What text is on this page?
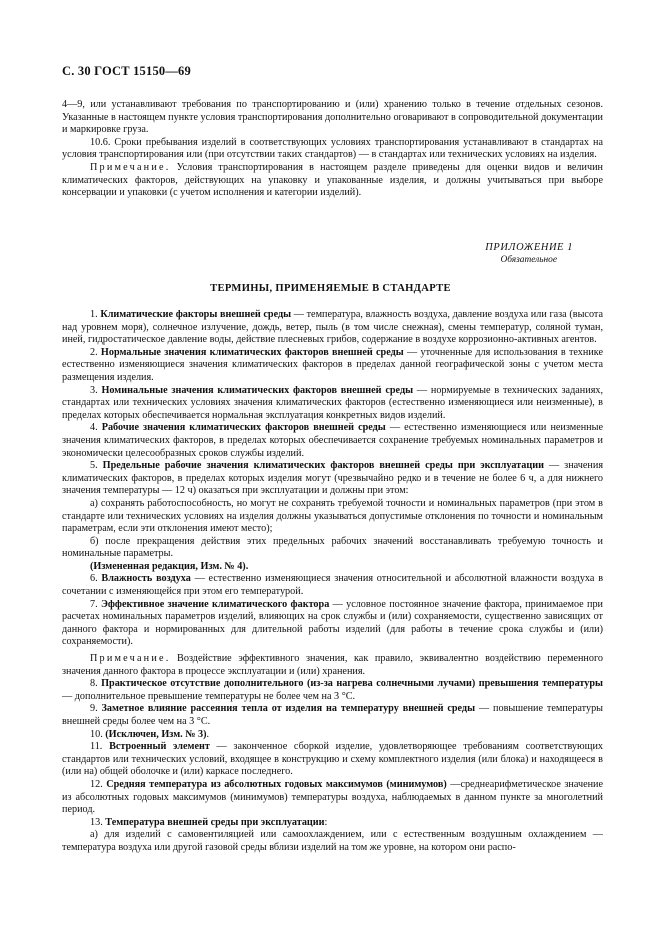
С. 30 ГОСТ 15150—69

4—9, или устанавливают требования по транспортированию и (или) хранению только в течение отдельных сезонов. Указанные в настоящем пункте условия транспортирования дополнительно оговаривают в сопроводительной документации и маркировке груза.

10.6. Сроки пребывания изделий в соответствующих условиях транспортирования устанавливают в стандартах на условия транспортирования или (при отсутствии таких стандартов) — в стандартах или технических условиях на изделия.

Примечание. Условия транспортирования в настоящем разделе приведены для оценки видов и величин климатических факторов, действующих на упаковку и упакованные изделия, и должны учитываться при выборе консервации и упаковки (с учетом исполнения и категории изделий).

ПРИЛОЖЕНИЕ 1
Обязательное
ТЕРМИНЫ, ПРИМЕНЯЕМЫЕ В СТАНДАРТЕ

1. Климатические факторы внешней среды — температура, влажность воздуха, давление воздуха или газа (высота над уровнем моря), солнечное излучение, дождь, ветер, пыль (в том числе снежная), смены температур, соляной туман, иней, гидростатическое давление воды, действие плесневых грибов, содержание в воздухе коррозионно-активных агентов.

2. Нормальные значения климатических факторов внешней среды — уточненные для использования в технике естественно изменяющиеся значения климатических факторов в пределах данной географической зоны с учетом места размещения изделия.

3. Номинальные значения климатических факторов внешней среды — нормируемые в технических заданиях, стандартах или технических условиях значения климатических факторов (естественно изменяющиеся или неизменные), в пределах которых обеспечивается нормальная эксплуатация конкретных видов изделий.

4. Рабочие значения климатических факторов внешней среды — естественно изменяющиеся или неизменные значения климатических факторов, в пределах которых обеспечивается сохранение требуемых номинальных параметров и экономически целесообразных сроков службы изделий.

5. Предельные рабочие значения климатических факторов внешней среды при эксплуатации — значения климатических факторов, в пределах которых изделия могут (чрезвычайно редко и в течение не более 6 ч, а для нижнего значения температуры — 12 ч) оказаться при эксплуатации и должны при этом:

а) сохранять работоспособность, но могут не сохранять требуемой точности и номинальных параметров (при этом в стандарте или технических условиях на изделия должны указываться допустимые отклонения по точности и номинальным параметрам, если эти отклонения имеют место);

б) после прекращения действия этих предельных рабочих значений восстанавливать требуемую точность и номинальные параметры.

(Измененная редакция, Изм. № 4).

6. Влажность воздуха — естественно изменяющиеся значения относительной и абсолютной влажности воздуха в сочетании с изменяющейся при этом его температурой.

7. Эффективное значение климатического фактора — условное постоянное значение фактора, принимаемое при расчетах номинальных параметров изделий, влияющих на срок службы и (или) сохраняемости, существенно зависящих от данного фактора и нормированных для длительной работы изделий (для работы в течение срока службы и (или) сохраняемости).

Примечание. Воздействие эффективного значения, как правило, эквивалентно воздействию переменного значения данного фактора в процессе эксплуатации и (или) хранения.

8. Практическое отсутствие дополнительного (из-за нагрева солнечными лучами) превышения температуры — дополнительное превышение температуры не более чем на 3 °С.

9. Заметное влияние рассеяния тепла от изделия на температуру внешней среды — повышение температуры внешней среды более чем на 3 °С.

10. (Исключен, Изм. № 3).

11. Встроенный элемент — законченное сборкой изделие, удовлетворяющее требованиям соответствующих стандартов или технических условий, входящее в конструкцию и схему комплектного изделия (или блока) и находящееся в (или на) общей оболочке и (или) каркасе последнего.

12. Средняя температура из абсолютных годовых максимумов (минимумов) —среднеарифметическое значение из абсолютных годовых максимумов (минимумов) температуры воздуха, наблюдаемых в данном пункте за многолетний период.

13. Температура внешней среды при эксплуатации:

а) для изделий с самовентиляцией или самоохлаждением, или с естественным воздушным охлаждением — температура воздуха или другой газовой среды вблизи изделий на том же уровне, на котором они распо-
